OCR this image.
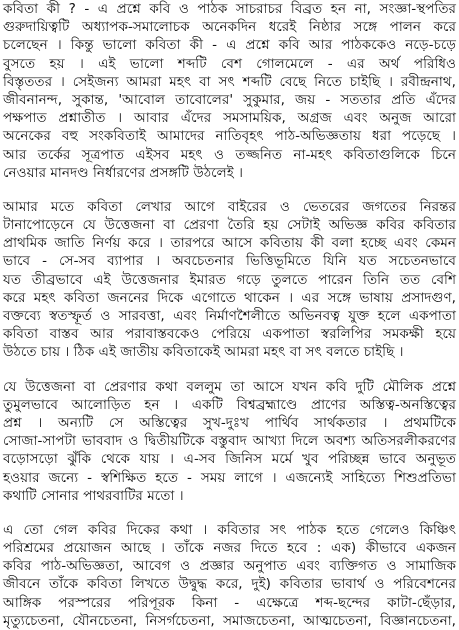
কবিতা কী ? - এ প্রশ্নে কবি ও পাঠক সাচরাচর বিব্রত হন না, সংজ্ঞা-স্থপতির
গুরুদায়িত্বটি অধ্যাপক-সমালোচক অনেকদিন ধরেই নিষ্ঠার সঙ্গে পালন করে
চলেছেন । কিন্তু ভালো কবিতা কী - এ প্রশ্নে কবি আর পাঠককেও নড়ে-চড়ে
বুসতে হয় । এই ভালো শব্দটি বেশ গোলমেলে - এর অর্থ পরিধিও
বিস্তৃততর । সেইজন্য আমরা মহৎ বা সৎ শব্দটি বেছে নিতে চাইছি । রবীন্দ্রনাথ,
জীবনানন্দ, সুকান্ত, 'আবোল তাবোলের' সুকুমার, জয় - সততার প্রতি এঁদের
পক্ষপাত প্রশ্নাতীত । আবার এঁদের সমসাময়িক, অগ্রজ এবং অনুজ আরো
অনেকের বহু সংকবিতাই আমাদের নাতিবৃহৎ পাঠ-অভিজ্ঞতায় ধরা পড়েছে ।
আর তর্কের সূত্রপাত এইসব মহৎ ও তজ্জনিত না-মহৎ কবিতাগুলিকে চিনে
নেওয়ার মানদণ্ড নির্ধারণের প্রসঙ্গটি উঠলেই ।
আমার মতে কবিতা লেখার আগে বাইরের ও ভেতরের জগতের নিরন্তর
টানাপোড়েনে যে উত্তেজনা বা প্রেরণা তৈরি হয় সেটাই অভিজ্ঞ কবির কবিতার
প্রাথমিক জাতি নির্ণয় করে । তারপরে আসে কবিতায় কী বলা হচ্ছে এবং কেমন
ভাবে - সে-সব ব্যাপার । অবচেতনার ভিত্তিভূমিতে যিনি যত সচেতনভাবে
যত তীব্রভাবে এই উত্তেজনার ইমারত গড়ে তুলতে পারেন তিনি তত বেশি
করে মহৎ কবিতা জননের দিকে এগোতে থাকেন । এর সঙ্গে ভাষায় প্রসাদগুণ,
বক্তব্যে স্বতস্ফূর্ত ও সারবত্তা, এবং নির্মাণশৈলীতে অভিনবত্ব যুক্ত হলে একপাতা
কবিতা বাস্তব আর পরাবাস্তবকেও পেরিয়ে একপাতা স্বরলিপির সমকক্ষী হয়ে
উঠতে চায় । ঠিক এই জাতীয় কবিতাকেই আমরা মহৎ বা সৎ বলতে চাইছি ।
যে উত্তেজনা বা প্রেরণার কথা বললুম তা আসে যখন কবি দুটি মৌলিক প্রশ্নে
তুমুলভাবে আলোড়িত হন । একটি বিশ্বব্রহ্মাণ্ডে প্রাণের অস্তিত্ব-অনস্তিত্বের
প্রশ্ন । অন্যটি সে অস্তিত্বের সুখ-দুঃখ পার্থিব সার্থকতার । প্রথমটিকে
সোজা-সাপটা ভাববাদ ও দ্বিতীয়টিকে বস্তুবাদ আখ্যা দিলে অবশ্য অতিসরলীকরণের
বড়োসড়ো ঝুঁকি থেকে যায় । এ-সব জিনিস মর্মে খুব পরিচ্ছন্ন ভাবে অনুভূত
হওয়ার জন্যে - স্বশিক্ষিত হতে - সময় লাগে । এজন্যেই সাহিত্যে শিশুপ্রতিভা
কথাটি সোনার পাথরবাটির মতো ।
এ তো গেল কবির দিকের কথা । কবিতার সৎ পাঠক হতে গেলেও কিঞ্চিৎ
পরিশ্রমের প্রয়োজন আছে । তাঁকে নজর দিতে হবে : এক) কীভাবে একজন
কবির পাঠ-অভিজ্ঞতা, আবেগ ও প্রজ্ঞার অনুপাত এবং ব্যক্তিগত ও সামাজিক
জীবনে তাঁকে কবিতা লিখতে উদ্বুদ্ধ করে, দুই) কবিতার ভাবার্থ ও পরিবেশনের
আঙ্গিক পরস্পরের পরিপূরক কিনা - এক্ষেত্রে শব্দ-ছন্দের কাটা-ছেঁড়ার,
মৃত্যুচেতনা, যৌনচেতনা, নিসর্গচেতনা, সমাজচেতনা, আত্মচেতনা, বিজ্ঞানচেতনা,
